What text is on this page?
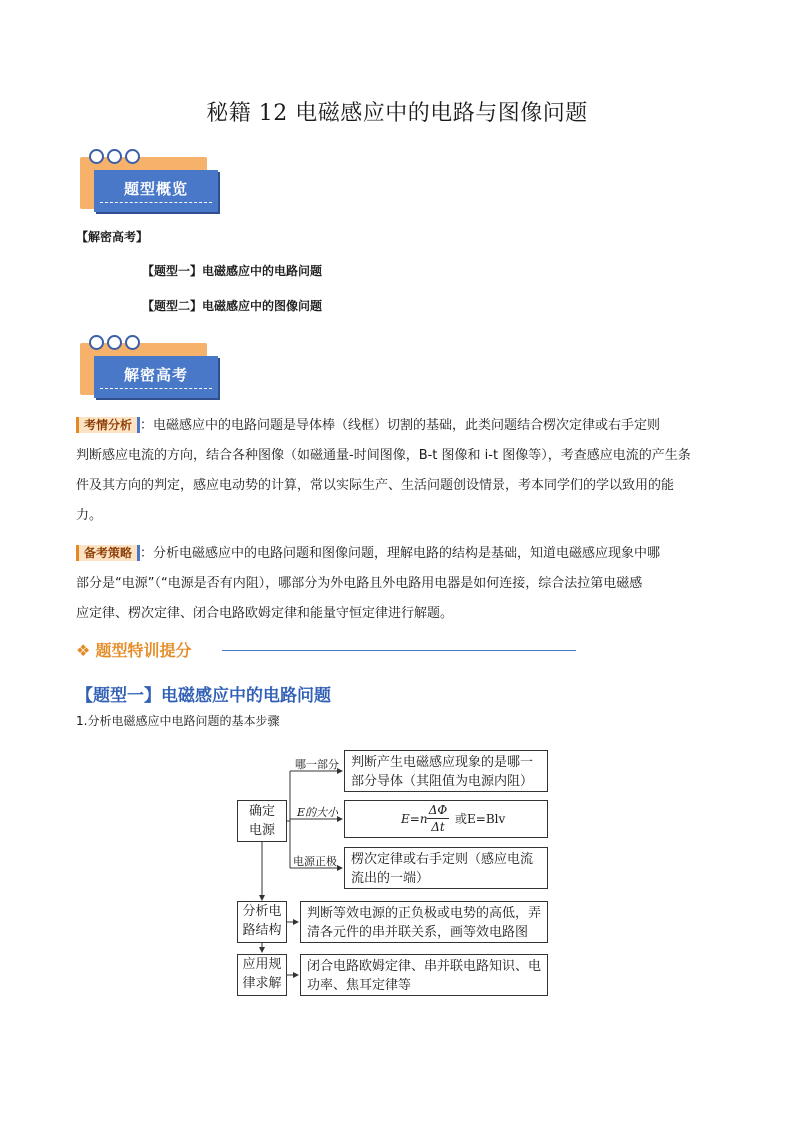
秘籍 12 电磁感应中的电路与图像问题
题型概览
【解密高考】
【题型一】电磁感应中的电路问题
【题型二】电磁感应中的图像问题
解密高考
考情分析 ：电磁感应中的电路问题是导体棒（线框）切割的基础，此类问题结合楞次定律或右手定则
判断感应电流的方向，结合各种图像（如磁通量-时间图像，B-t 图像和 i-t 图像等），考查感应电流的产生条
件及其方向的判定，感应电动势的计算，常以实际生产、生活问题创设情景，考本同学们的学以致用的能
力。
备考策略 ：分析电磁感应中的电路问题和图像问题，理解电路的结构是基础，知道电磁感应现象中哪
部分是“电源”（“电源是否有内阻），哪部分为外电路且外电路用电器是如何连接，综合法拉第电磁感
应定律、楞次定律、闭合电路欧姆定律和能量守恒定律进行解题。
❖ 题型特训提分
【题型一】电磁感应中的电路问题
1.分析电磁感应中电路问题的基本步骤
确定
电源
哪一部分
E的大小
电源正极
判断产生电磁感应现象的是哪一
部分导体（其阻值为电源内阻）
E=n
ΔΦ
Δt
或E=Blv
楞次定律或右手定则（感应电流
流出的一端）
分析电
路结构
判断等效电源的正负极或电势的高低，弄
清各元件的串并联关系，画等效电路图
应用规
律求解
闭合电路欧姆定律、串并联电路知识、电
功率、焦耳定律等
